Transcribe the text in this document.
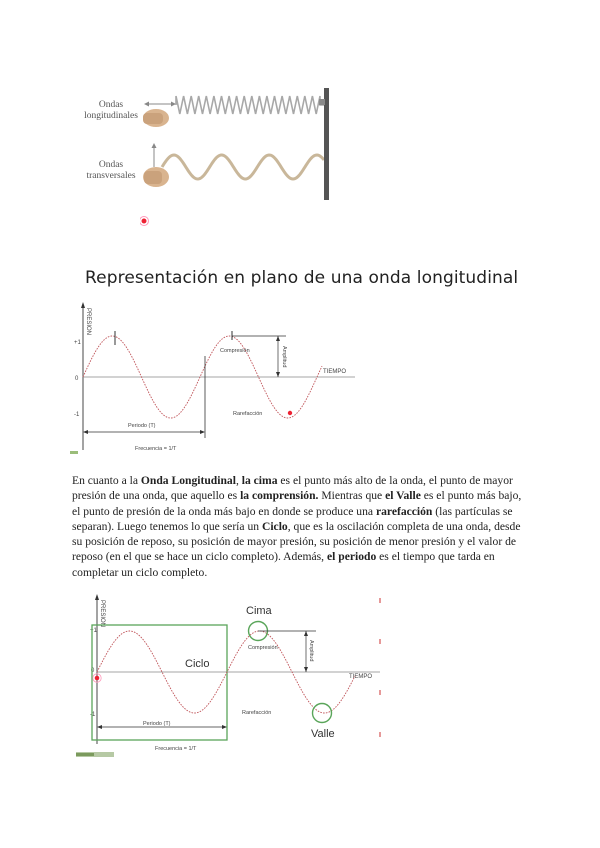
Ondas
longitudinales
Ondas
transversales
Representación en plano de una onda longitudinal
PRESION
+1
0
-1
TIEMPO
Amplitud
Compresión
Rarefacción
Periodo (T)
Frecuencia = 1/T
En cuanto a la Onda Longitudinal, la cima es el punto más alto de la onda, el punto de mayor presión de una onda, que aquello es la comprensión. Mientras que el Valle es el punto más bajo, el punto de presión de la onda más bajo en donde se produce una rarefacción (las partículas se separan). Luego tenemos lo que sería un Ciclo, que es la oscilación completa de una onda, desde su posición de reposo, su posición de mayor presión, su posición de menor presión y el valor de reposo (en el que se hace un ciclo completo). Además, el periodo es el tiempo que tarda en completar un ciclo completo.
PRESION
+1
0
-1
TIEMPO
Cima
Amplitud
Compresión
Ciclo
Valle
Rarefacción
Periodo (T)
Frecuencia = 1/T
